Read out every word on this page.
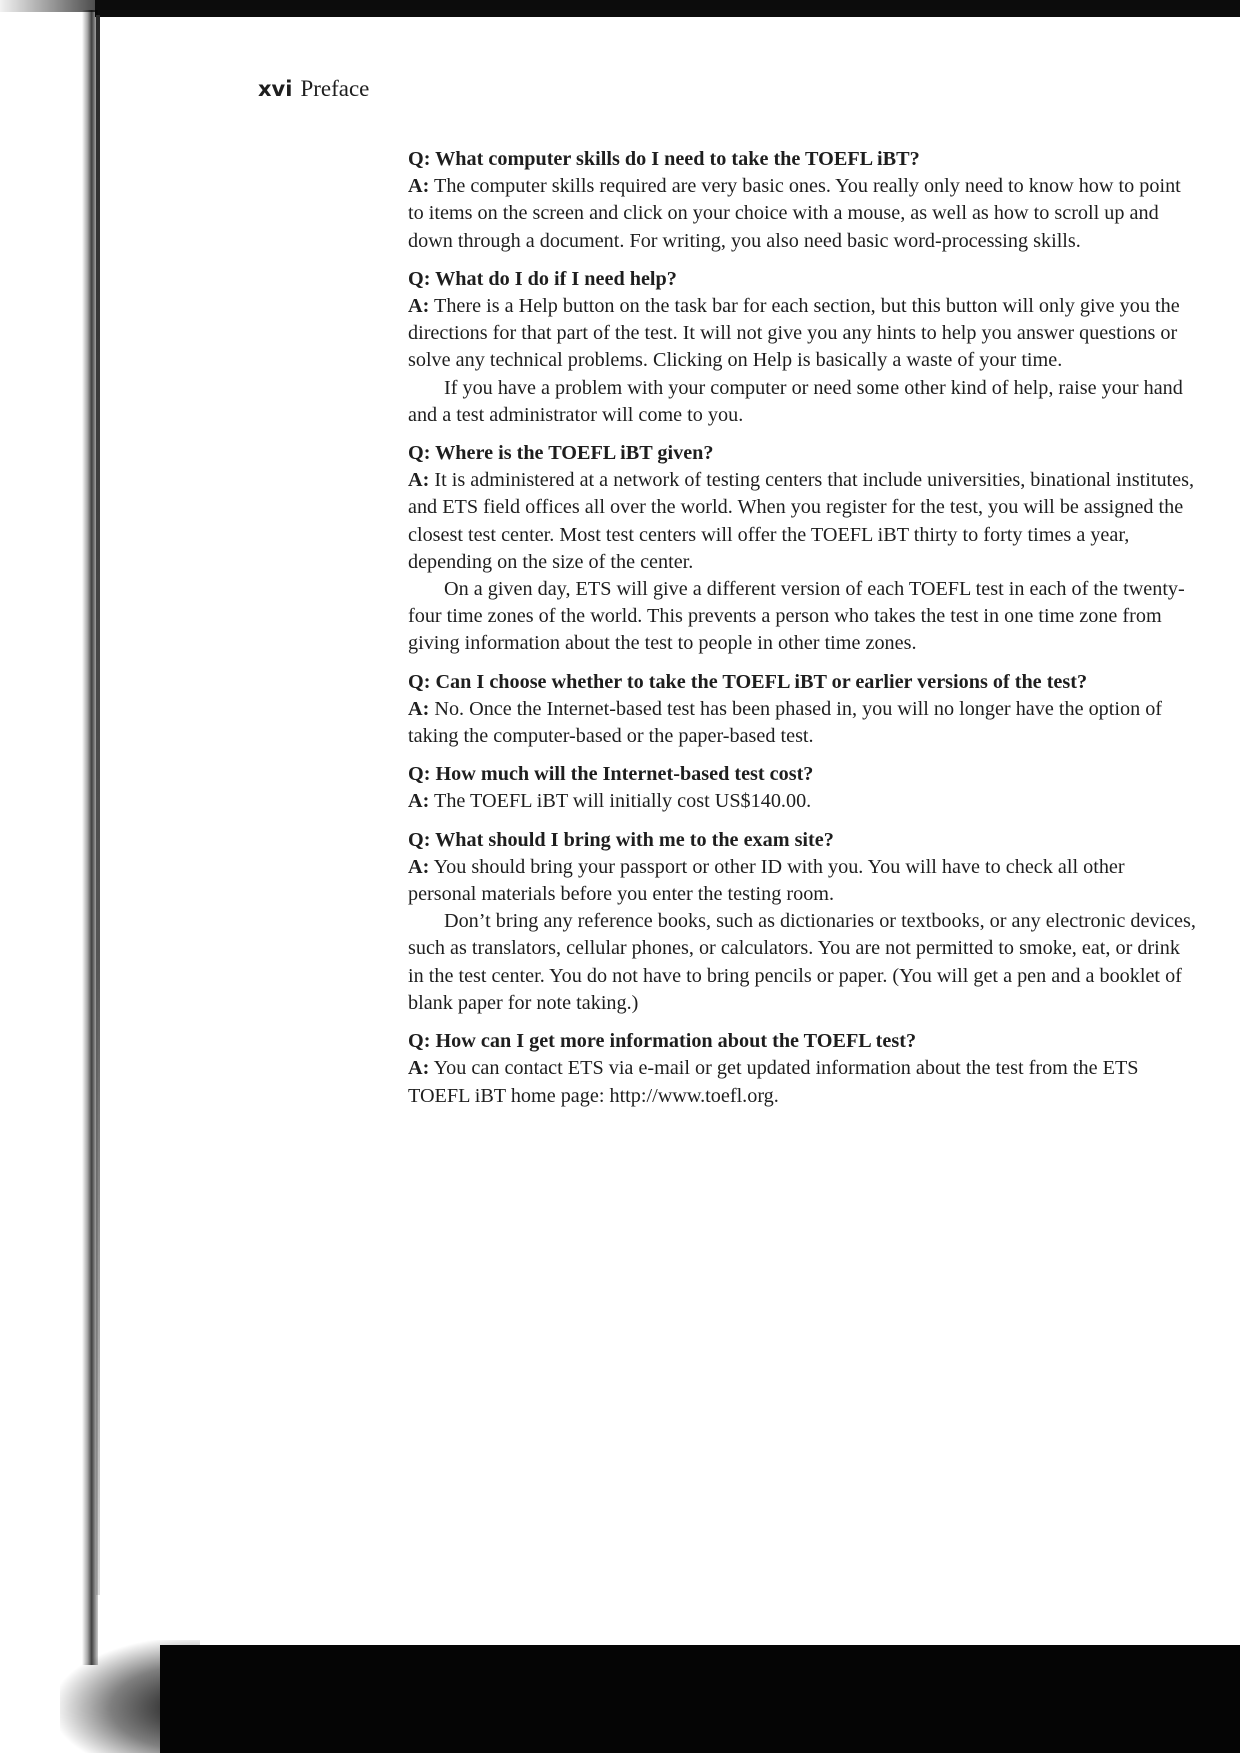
xvi Preface

Q: What computer skills do I need to take the TOEFL iBT?

A: The computer skills required are very basic ones. You really only need to know how to point to items on the screen and click on your choice with a mouse, as well as how to scroll up and down through a document. For writing, you also need basic word-processing skills.

Q: What do I do if I need help?

A: There is a Help button on the task bar for each section, but this button will only give you the directions for that part of the test. It will not give you any hints to help you answer questions or solve any technical problems. Clicking on Help is basically a waste of your time.

If you have a problem with your computer or need some other kind of help, raise your hand and a test administrator will come to you.

Q: Where is the TOEFL iBT given?

A: It is administered at a network of testing centers that include universities, binational institutes, and ETS field offices all over the world. When you register for the test, you will be assigned the closest test center. Most test centers will offer the TOEFL iBT thirty to forty times a year, depending on the size of the center.

On a given day, ETS will give a different version of each TOEFL test in each of the twenty-four time zones of the world. This prevents a person who takes the test in one time zone from giving information about the test to people in other time zones.

Q: Can I choose whether to take the TOEFL iBT or earlier versions of the test?

A: No. Once the Internet-based test has been phased in, you will no longer have the option of taking the computer-based or the paper-based test.

Q: How much will the Internet-based test cost?

A: The TOEFL iBT will initially cost US$140.00.

Q: What should I bring with me to the exam site?

A: You should bring your passport or other ID with you. You will have to check all other personal materials before you enter the testing room.

Don’t bring any reference books, such as dictionaries or textbooks, or any electronic devices, such as translators, cellular phones, or calculators. You are not permitted to smoke, eat, or drink in the test center. You do not have to bring pencils or paper. (You will get a pen and a booklet of blank paper for note taking.)

Q: How can I get more information about the TOEFL test?

A: You can contact ETS via e-mail or get updated information about the test from the ETS TOEFL iBT home page: http://www.toefl.org.
